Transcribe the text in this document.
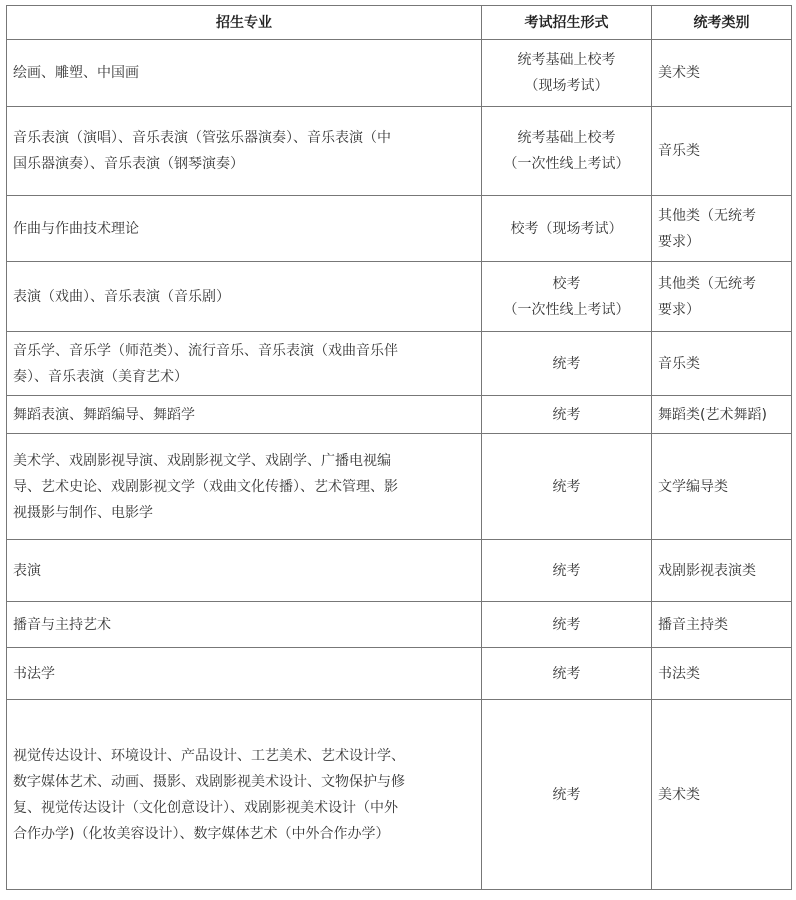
招生专业	考试招生形式	统考类别

绘画、雕塑、中国画	统考基础上校考
（现场考试）	美术类

音乐表演（演唱）、音乐表演（管弦乐器演奏）、音乐表演（中
国乐器演奏）、音乐表演（钢琴演奏）	统考基础上校考
（一次性线上考试）	音乐类

作曲与作曲技术理论	校考（现场考试）	其他类（无统考
要求）

表演（戏曲）、音乐表演（音乐剧）	校考
（一次性线上考试）	其他类（无统考
要求）

音乐学、音乐学（师范类）、流行音乐、音乐表演（戏曲音乐伴
奏）、音乐表演（美育艺术）	统考	音乐类

舞蹈表演、舞蹈编导、舞蹈学	统考	舞蹈类(艺术舞蹈)

美术学、戏剧影视导演、戏剧影视文学、戏剧学、广播电视编
导、艺术史论、戏剧影视文学（戏曲文化传播）、艺术管理、影
视摄影与制作、电影学	统考	文学编导类

表演	统考	戏剧影视表演类

播音与主持艺术	统考	播音主持类

书法学	统考	书法类

视觉传达设计、环境设计、产品设计、工艺美术、艺术设计学、
数字媒体艺术、动画、摄影、戏剧影视美术设计、文物保护与修
复、视觉传达设计（文化创意设计）、戏剧影视美术设计（中外
合作办学)（化妆美容设计）、数字媒体艺术（中外合作办学）	统考	美术类
